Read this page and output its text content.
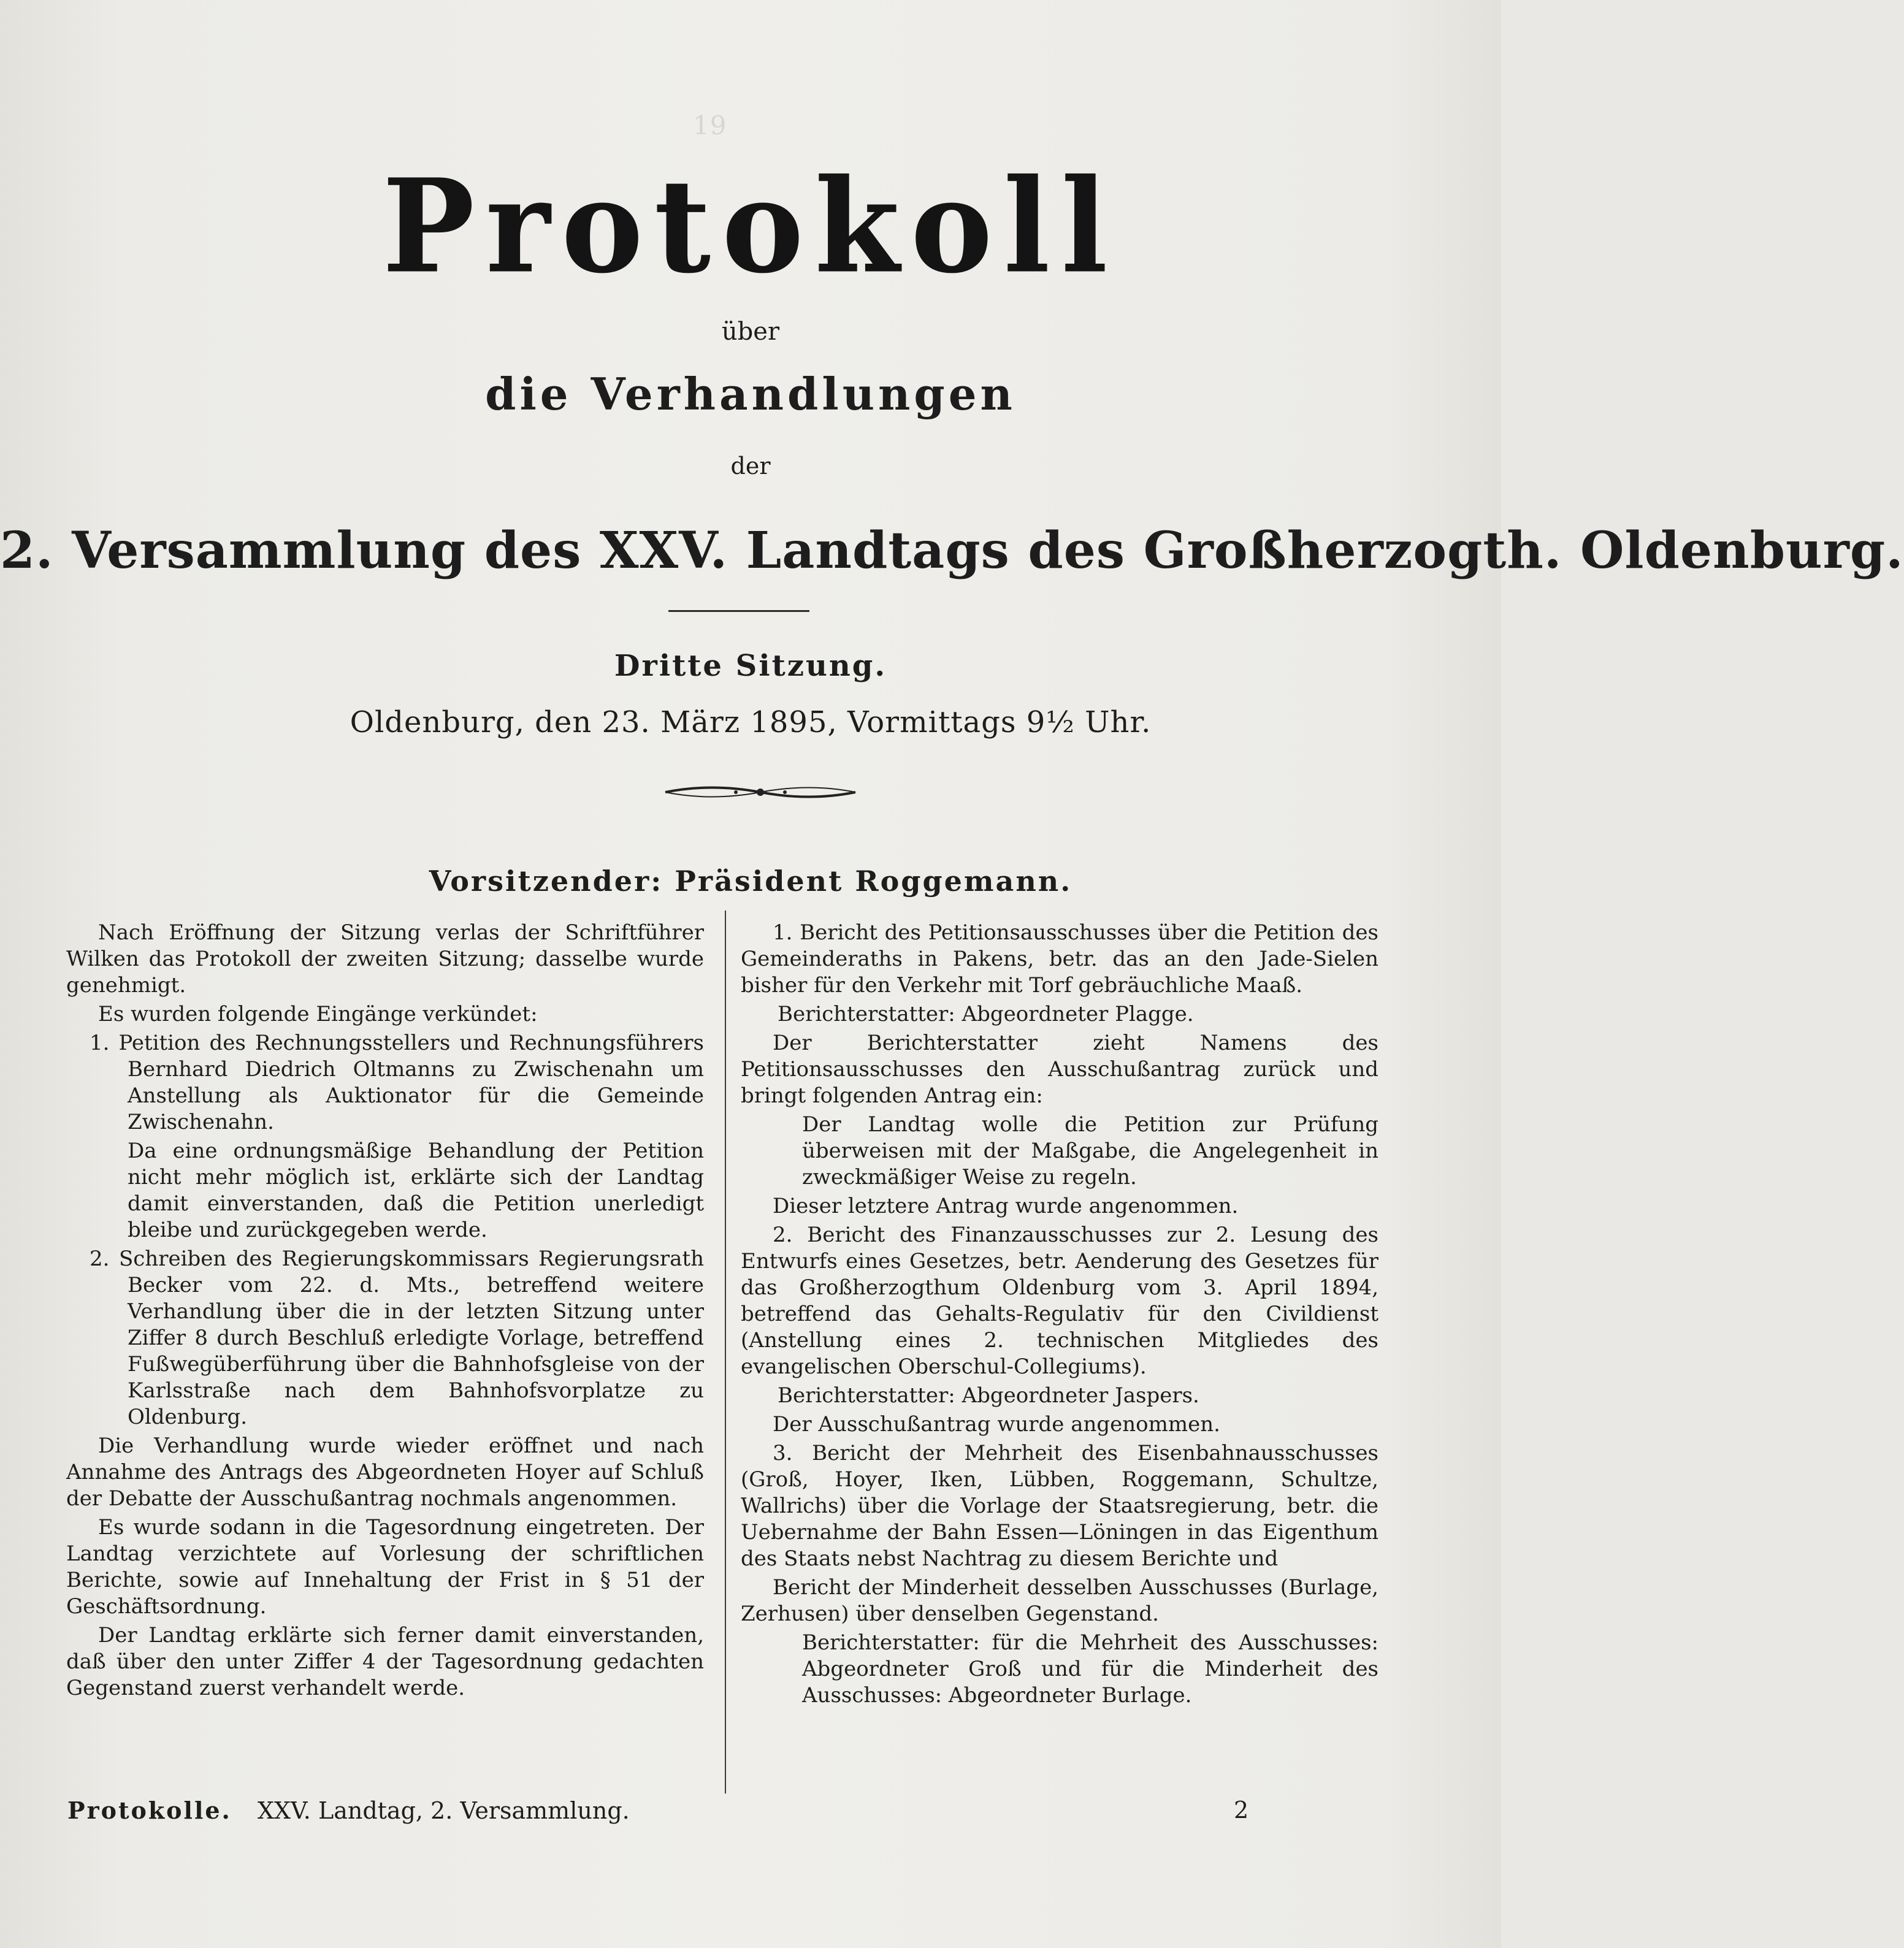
19
Protokoll
über
die Verhandlungen
der
2. Versammlung des XXV. Landtags des Großherzogth. Oldenburg.
Dritte Sitzung.
Oldenburg, den 23. März 1895, Vormittags 9½ Uhr.
Vorsitzender: Präsident Roggemann.

Nach Eröffnung der Sitzung verlas der Schriftführer Wilken das Protokoll der zweiten Sitzung; dasselbe wurde genehmigt.

Es wurden folgende Eingänge verkündet:

1. Petition des Rechnungsstellers und Rechnungsführers Bernhard Diedrich Oltmanns zu Zwischenahn um Anstellung als Auktionator für die Gemeinde Zwischenahn.

Da eine ordnungsmäßige Behandlung der Petition nicht mehr möglich ist, erklärte sich der Landtag damit einverstanden, daß die Petition unerledigt bleibe und zurückgegeben werde.

2. Schreiben des Regierungskommissars Regierungsrath Becker vom 22. d. Mts., betreffend weitere Verhandlung über die in der letzten Sitzung unter Ziffer 8 durch Beschluß erledigte Vorlage, betreffend Fußwegüberführung über die Bahnhofsgleise von der Karlsstraße nach dem Bahnhofsvorplatze zu Oldenburg.

Die Verhandlung wurde wieder eröffnet und nach Annahme des Antrags des Abgeordneten Hoyer auf Schluß der Debatte der Ausschußantrag nochmals angenommen.

Es wurde sodann in die Tagesordnung eingetreten. Der Landtag verzichtete auf Vorlesung der schriftlichen Berichte, sowie auf Innehaltung der Frist in § 51 der Geschäftsordnung.

Der Landtag erklärte sich ferner damit einverstanden, daß über den unter Ziffer 4 der Tagesordnung gedachten Gegenstand zuerst verhandelt werde.

1. Bericht des Petitionsausschusses über die Petition des Gemeinderaths in Pakens, betr. das an den Jade-Sielen bisher für den Verkehr mit Torf gebräuchliche Maaß.

Berichterstatter: Abgeordneter Plagge.

Der Berichterstatter zieht Namens des Petitionsausschusses den Ausschußantrag zurück und bringt folgenden Antrag ein:

Der Landtag wolle die Petition zur Prüfung überweisen mit der Maßgabe, die Angelegenheit in zweckmäßiger Weise zu regeln.

Dieser letztere Antrag wurde angenommen.

2. Bericht des Finanzausschusses zur 2. Lesung des Entwurfs eines Gesetzes, betr. Aenderung des Gesetzes für das Großherzogthum Oldenburg vom 3. April 1894, betreffend das Gehalts-Regulativ für den Civildienst (Anstellung eines 2. technischen Mitgliedes des evangelischen Oberschul-Collegiums).

Berichterstatter: Abgeordneter Jaspers.

Der Ausschußantrag wurde angenommen.

3. Bericht der Mehrheit des Eisenbahnausschusses (Groß, Hoyer, Iken, Lübben, Roggemann, Schultze, Wallrichs) über die Vorlage der Staatsregierung, betr. die Uebernahme der Bahn Essen—Löningen in das Eigenthum des Staats nebst Nachtrag zu diesem Berichte und

Bericht der Minderheit desselben Ausschusses (Burlage, Zerhusen) über denselben Gegenstand.

Berichterstatter: für die Mehrheit des Ausschusses: Abgeordneter Groß und für die Minderheit des Ausschusses: Abgeordneter Burlage.

Protokolle. XXV. Landtag, 2. Versammlung.	2
